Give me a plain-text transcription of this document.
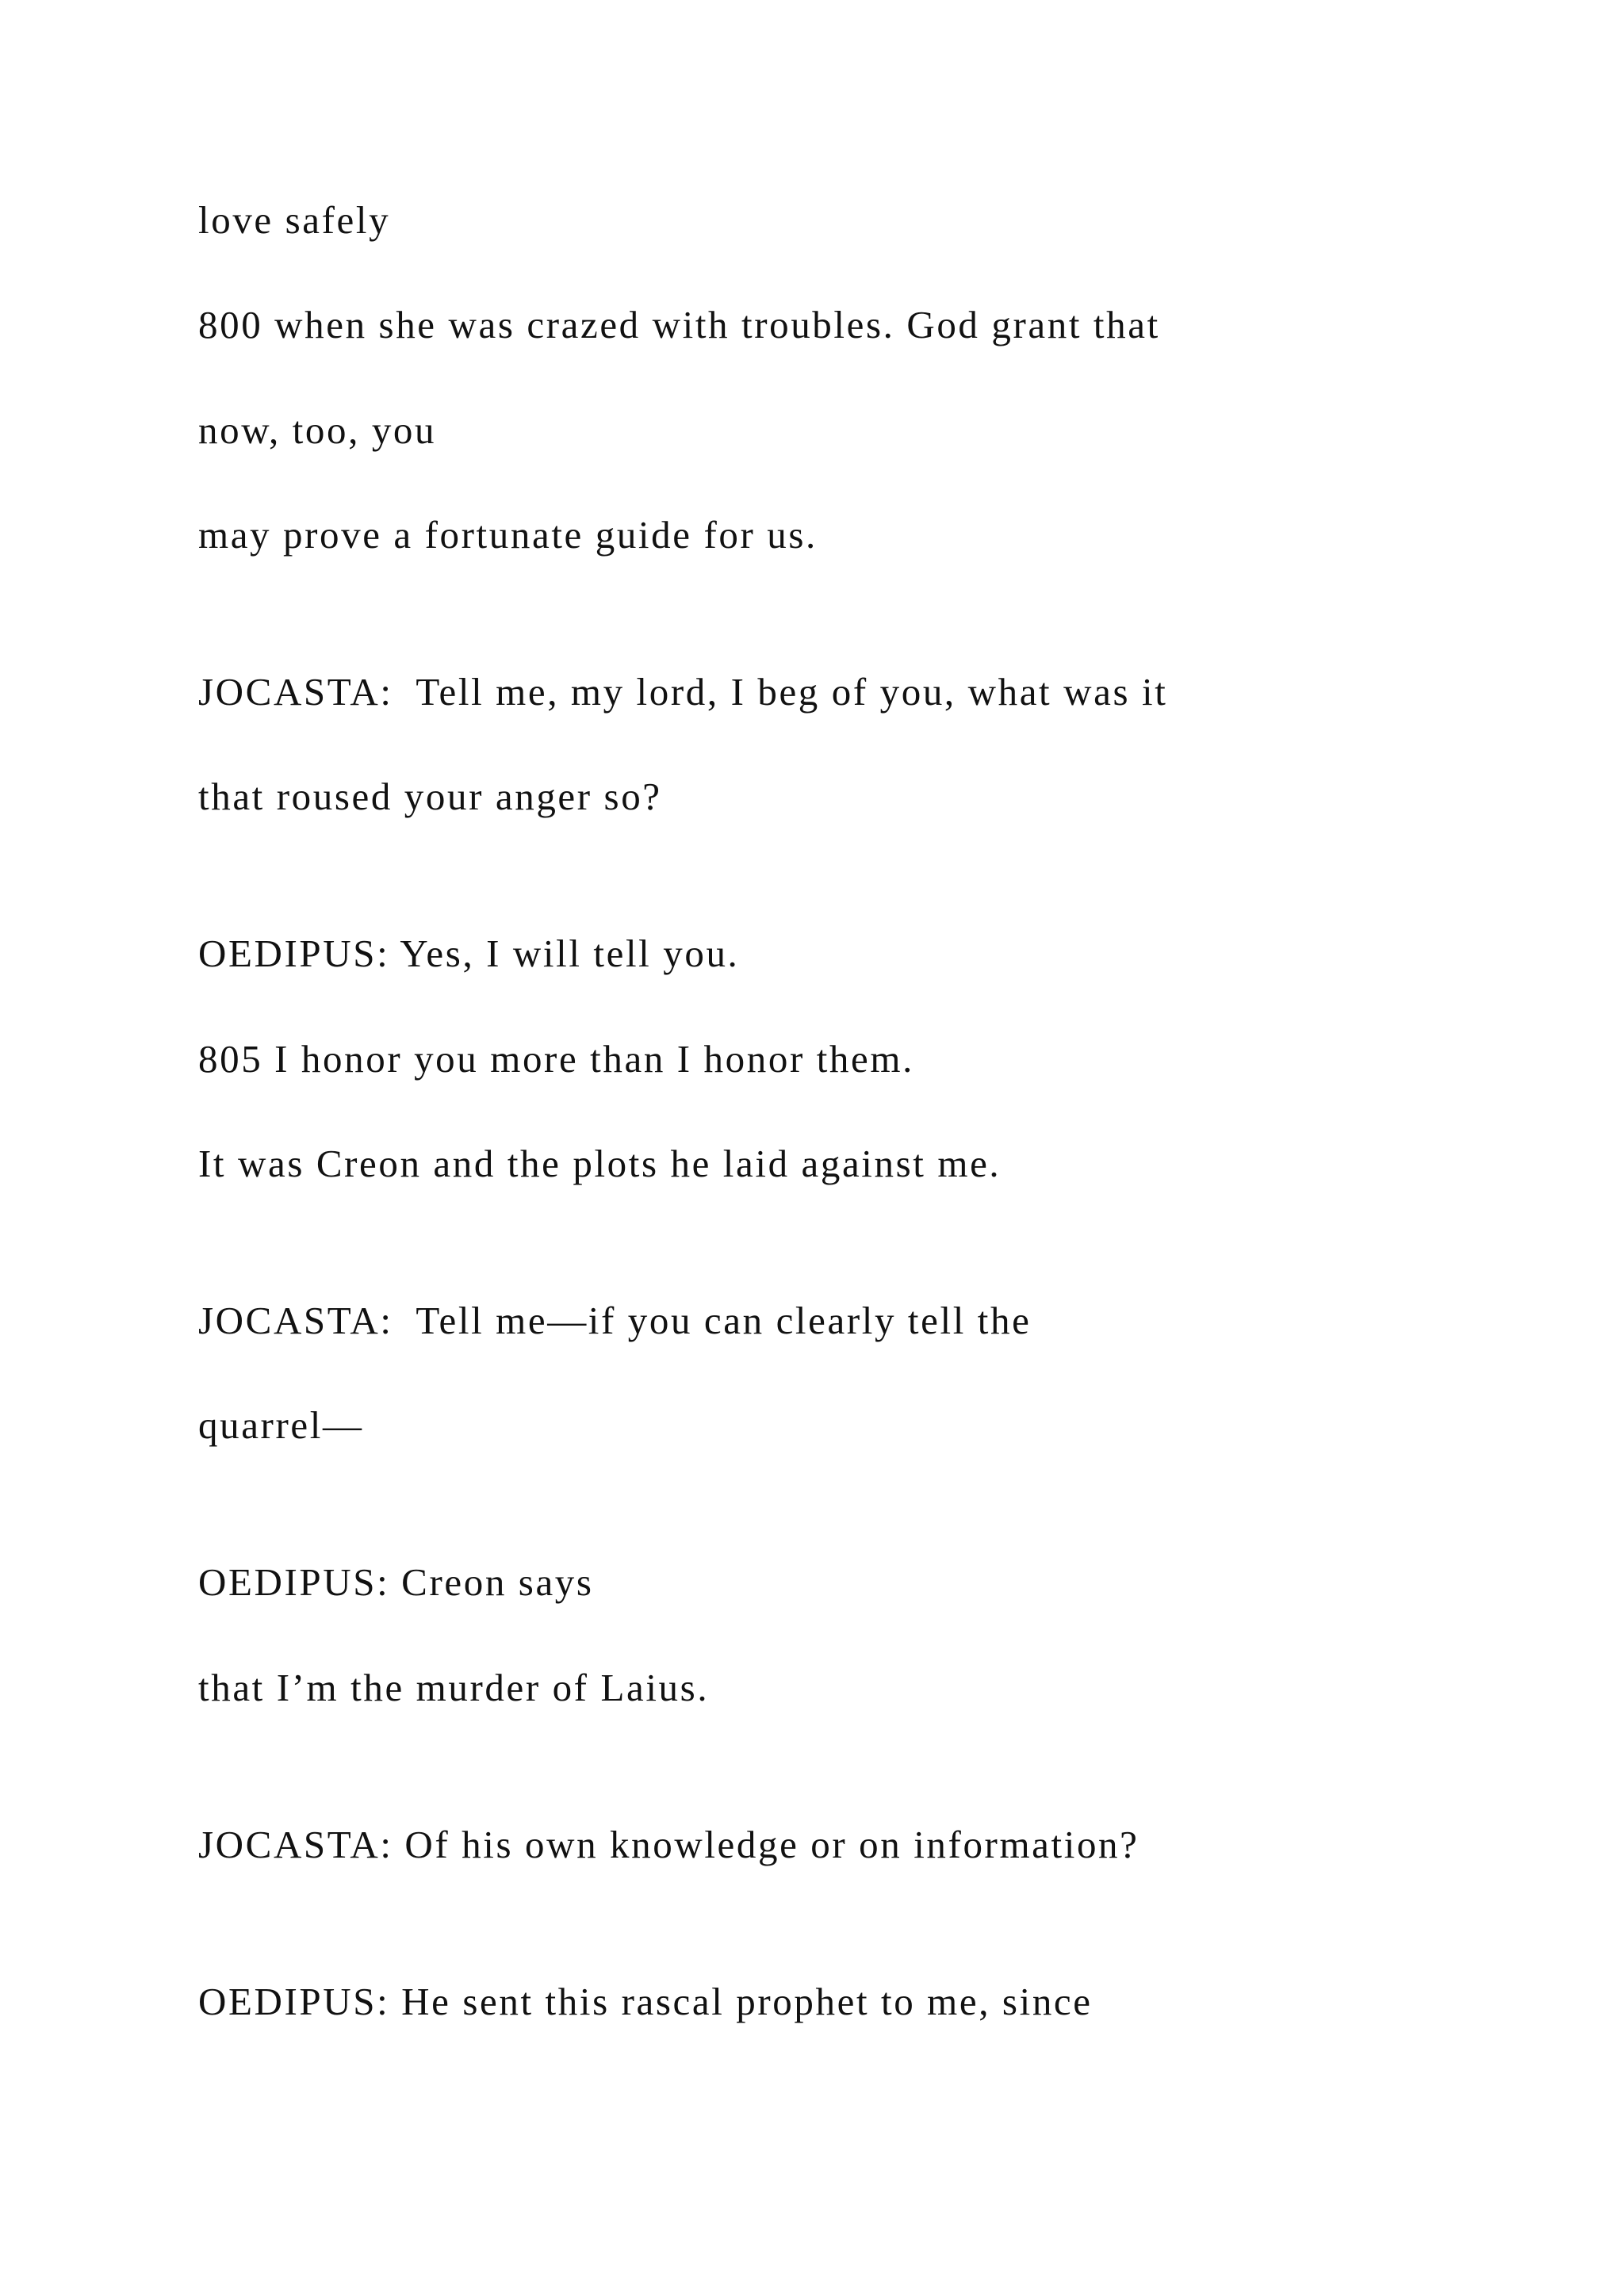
love safely

800 when she was crazed with troubles. God grant that

now, too, you

may prove a fortunate guide for us.

JOCASTA:  Tell me, my lord, I beg of you, what was it

that roused your anger so?

OEDIPUS: Yes, I will tell you.

805 I honor you more than I honor them.

It was Creon and the plots he laid against me.

JOCASTA:  Tell me—if you can clearly tell the

quarrel—

OEDIPUS: Creon says

that I’m the murder of Laius.

JOCASTA: Of his own knowledge or on information?

OEDIPUS: He sent this rascal prophet to me, since
